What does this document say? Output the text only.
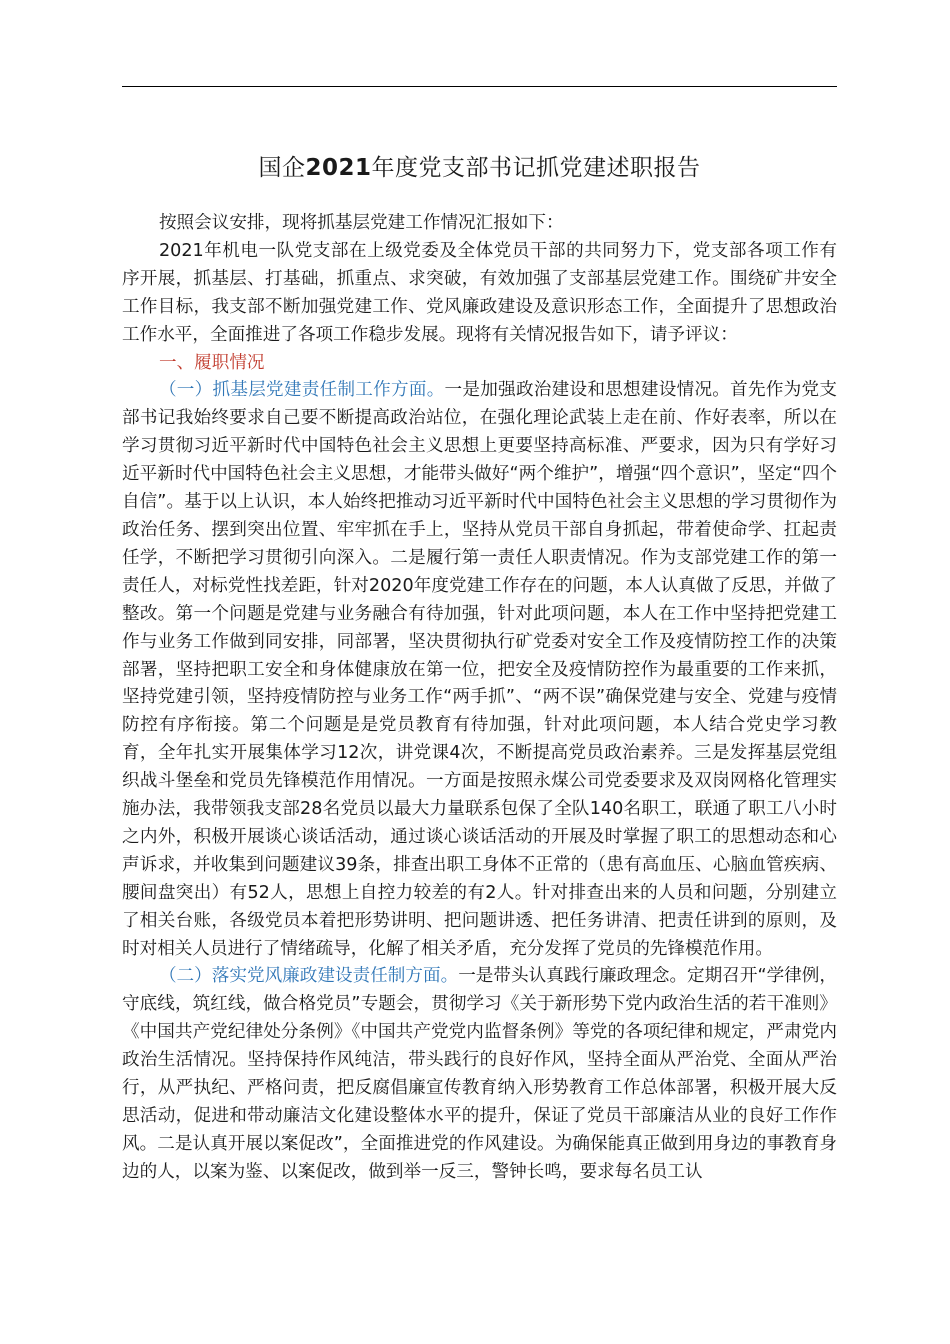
国企2021年度党支部书记抓党建述职报告

按照会议安排，现将抓基层党建工作情况汇报如下：

2021年机电一队党支部在上级党委及全体党员干部的共同努力下，党支部各项工作有序开展，抓基层、打基础，抓重点、求突破，有效加强了支部基层党建工作。围绕矿井安全工作目标，我支部不断加强党建工作、党风廉政建设及意识形态工作，全面提升了思想政治工作水平，全面推进了各项工作稳步发展。现将有关情况报告如下，请予评议：

一、履职情况

（一）抓基层党建责任制工作方面。一是加强政治建设和思想建设情况。首先作为党支部书记我始终要求自己要不断提高政治站位，在强化理论武装上走在前、作好表率，所以在学习贯彻习近平新时代中国特色社会主义思想上更要坚持高标准、严要求，因为只有学好习近平新时代中国特色社会主义思想，才能带头做好“两个维护”，增强“四个意识”，坚定“四个自信”。基于以上认识，本人始终把推动习近平新时代中国特色社会主义思想的学习贯彻作为政治任务、摆到突出位置、牢牢抓在手上，坚持从党员干部自身抓起，带着使命学、扛起责任学，不断把学习贯彻引向深入。二是履行第一责任人职责情况。作为支部党建工作的第一责任人，对标党性找差距，针对2020年度党建工作存在的问题，本人认真做了反思，并做了整改。第一个问题是党建与业务融合有待加强，针对此项问题，本人在工作中坚持把党建工作与业务工作做到同安排，同部署，坚决贯彻执行矿党委对安全工作及疫情防控工作的决策部署，坚持把职工安全和身体健康放在第一位，把安全及疫情防控作为最重要的工作来抓，坚持党建引领，坚持疫情防控与业务工作“两手抓”、“两不误”确保党建与安全、党建与疫情防控有序衔接。第二个问题是是党员教育有待加强，针对此项问题，本人结合党史学习教育，全年扎实开展集体学习12次，讲党课4次，不断提高党员政治素养。三是发挥基层党组织战斗堡垒和党员先锋模范作用情况。一方面是按照永煤公司党委要求及双岗网格化管理实施办法，我带领我支部28名党员以最大力量联系包保了全队140名职工，联通了职工八小时之内外，积极开展谈心谈话活动，通过谈心谈话活动的开展及时掌握了职工的思想动态和心声诉求，并收集到问题建议39条，排查出职工身体不正常的（患有高血压、心脑血管疾病、腰间盘突出）有52人，思想上自控力较差的有2人。针对排查出来的人员和问题，分别建立了相关台账，各级党员本着把形势讲明、把问题讲透、把任务讲清、把责任讲到的原则，及时对相关人员进行了情绪疏导，化解了相关矛盾，充分发挥了党员的先锋模范作用。

（二）落实党风廉政建设责任制方面。一是带头认真践行廉政理念。定期召开“学律例，守底线，筑红线，做合格党员”专题会，贯彻学习《关于新形势下党内政治生活的若干准则》《中国共产党纪律处分条例》《中国共产党党内监督条例》等党的各项纪律和规定，严肃党内政治生活情况。坚持保持作风纯洁，带头践行的良好作风，坚持全面从严治党、全面从严治行，从严执纪、严格问责，把反腐倡廉宣传教育纳入形势教育工作总体部署，积极开展大反思活动，促进和带动廉洁文化建设整体水平的提升，保证了党员干部廉洁从业的良好工作作风。二是认真开展以案促改”，全面推进党的作风建设。为确保能真正做到用身边的事教育身边的人，以案为鉴、以案促改，做到举一反三，警钟长鸣，要求每名员工认
